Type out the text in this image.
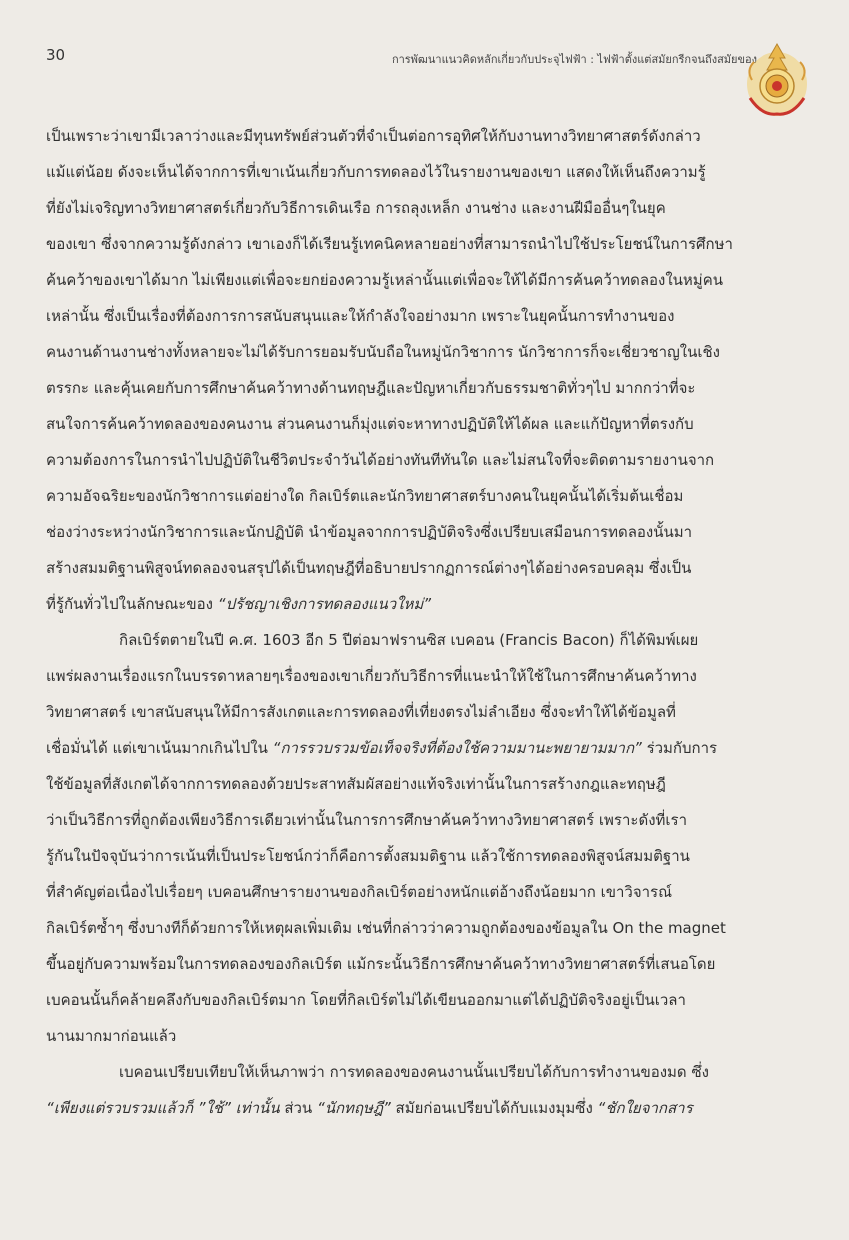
30	การพัฒนาแนวคิดหลักเกี่ยวกับประจุไฟฟ้า : ไฟฟ้าตั้งแต่สมัยกรีกจนถึงสมัยของ
เป็นเพราะว่าเขามีเวลาว่างและมีทุนทรัพย์ส่วนตัวที่จำเป็นต่อการอุทิศให้กับงานทางวิทยาศาสตร์ดังกล่าว
แม้แต่น้อย ดังจะเห็นได้จากการที่เขาเน้นเกี่ยวกับการทดลองไว้ในรายงานของเขา แสดงให้เห็นถึงความรู้
ที่ยังไม่เจริญทางวิทยาศาสตร์เกี่ยวกับวิธีการเดินเรือ การถลุงเหล็ก งานช่าง และงานฝีมืออื่นๆในยุค
ของเขา ซึ่งจากความรู้ดังกล่าว เขาเองก็ได้เรียนรู้เทคนิคหลายอย่างที่สามารถนำไปใช้ประโยชน์ในการศึกษา
ค้นคว้าของเขาได้มาก ไม่เพียงแต่เพื่อจะยกย่องความรู้เหล่านั้นแต่เพื่อจะให้ได้มีการค้นคว้าทดลองในหมู่คน
เหล่านั้น ซึ่งเป็นเรื่องที่ต้องการการสนับสนุนและให้กำลังใจอย่างมาก เพราะในยุคนั้นการทำงานของ
คนงานด้านงานช่างทั้งหลายจะไม่ได้รับการยอมรับนับถือในหมู่นักวิชาการ นักวิชาการก็จะเชี่ยวชาญในเชิง
ตรรกะ และคุ้นเคยกับการศึกษาค้นคว้าทางด้านทฤษฎีและปัญหาเกี่ยวกับธรรมชาติทั่วๆไป มากกว่าที่จะ
สนใจการค้นคว้าทดลองของคนงาน ส่วนคนงานก็มุ่งแต่จะหาทางปฏิบัติให้ได้ผล และแก้ปัญหาที่ตรงกับ
ความต้องการในการนำไปปฏิบัติในชีวิตประจำวันได้อย่างทันทีทันใด และไม่สนใจที่จะติดตามรายงานจาก
ความอัจฉริยะของนักวิชาการแต่อย่างใด กิลเบิร์ตและนักวิทยาศาสตร์บางคนในยุคนั้นได้เริ่มต้นเชื่อม
ช่องว่างระหว่างนักวิชาการและนักปฏิบัติ นำข้อมูลจากการปฏิบัติจริงซึ่งเปรียบเสมือนการทดลองนั้นมา
สร้างสมมติฐานพิสูจน์ทดลองจนสรุปได้เป็นทฤษฎีที่อธิบายปรากฏการณ์ต่างๆได้อย่างครอบคลุม ซึ่งเป็น
ที่รู้กันทั่วไปในลักษณะของ “ปรัชญาเชิงการทดลองแนวใหม่”
กิลเบิร์ตตายในปี ค.ศ. 1603 อีก 5 ปีต่อมาฟรานซิส เบคอน (Francis Bacon) ก็ได้พิมพ์เผย
แพร่ผลงานเรื่องแรกในบรรดาหลายๆเรื่องของเขาเกี่ยวกับวิธีการที่แนะนำให้ใช้ในการศึกษาค้นคว้าทาง
วิทยาศาสตร์ เขาสนับสนุนให้มีการสังเกตและการทดลองที่เที่ยงตรงไม่ลำเอียง ซึ่งจะทำให้ได้ข้อมูลที่
เชื่อมั่นได้ แต่เขาเน้นมากเกินไปใน “การรวบรวมข้อเท็จจริงที่ต้องใช้ความมานะพยายามมาก” ร่วมกับการ
ใช้ข้อมูลที่สังเกตได้จากการทดลองด้วยประสาทสัมผัสอย่างแท้จริงเท่านั้นในการสร้างกฎและทฤษฎี
ว่าเป็นวิธีการที่ถูกต้องเพียงวิธีการเดียวเท่านั้นในการการศึกษาค้นคว้าทางวิทยาศาสตร์ เพราะดังที่เรา
รู้กันในปัจจุบันว่าการเน้นที่เป็นประโยชน์กว่าก็คือการตั้งสมมติฐาน แล้วใช้การทดลองพิสูจน์สมมติฐาน
ที่สำคัญต่อเนื่องไปเรื่อยๆ เบคอนศึกษารายงานของกิลเบิร์ตอย่างหนักแต่อ้างถึงน้อยมาก เขาวิจารณ์
กิลเบิร์ตซ้ำๆ ซึ่งบางทีก็ด้วยการให้เหตุผลเพิ่มเติม เช่นที่กล่าวว่าความถูกต้องของข้อมูลใน On the magnet
ขึ้นอยู่กับความพร้อมในการทดลองของกิลเบิร์ต แม้กระนั้นวิธีการศึกษาค้นคว้าทางวิทยาศาสตร์ที่เสนอโดย
เบคอนนั้นก็คล้ายคลึงกับของกิลเบิร์ตมาก โดยที่กิลเบิร์ตไม่ได้เขียนออกมาแต่ได้ปฏิบัติจริงอยู่เป็นเวลา
นานมากมาก่อนแล้ว
เบคอนเปรียบเทียบให้เห็นภาพว่า การทดลองของคนงานนั้นเปรียบได้กับการทำงานของมด ซึ่ง
“เพียงแต่รวบรวมแล้วก็ ”ใช้” เท่านั้น ส่วน “นักทฤษฎี” สมัยก่อนเปรียบได้กับแมงมุมซึ่ง “ชักใยจากสาร
